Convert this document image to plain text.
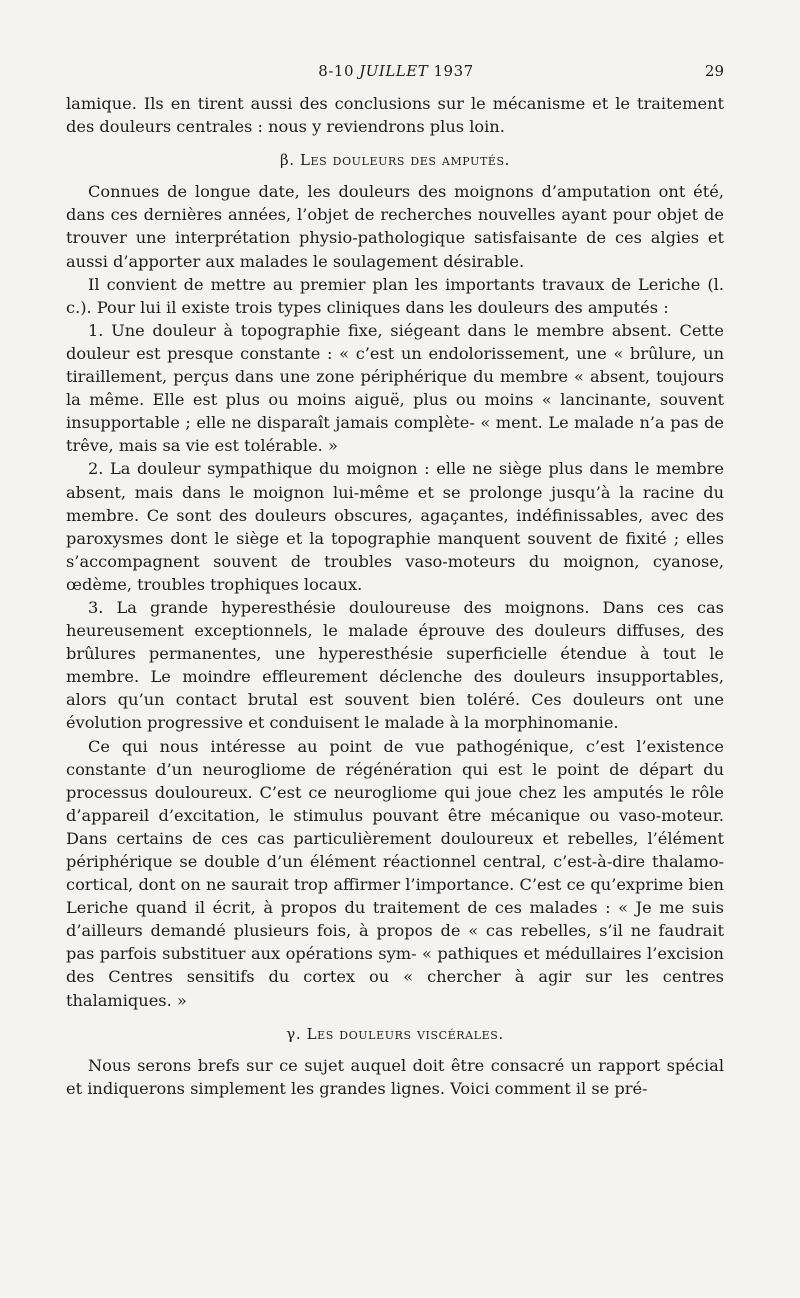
8-10 JUILLET 1937	29

lamique. Ils en tirent aussi des conclusions sur le mécanisme et le traitement des douleurs centrales : nous y reviendrons plus loin.

β. Les douleurs des amputés.

Connues de longue date, les douleurs des moignons d’amputation ont été, dans ces dernières années, l’objet de recherches nouvelles ayant pour objet de trouver une interprétation physio-pathologique satisfaisante de ces algies et aussi d’apporter aux malades le soulagement désirable.

Il convient de mettre au premier plan les importants travaux de Leriche (l. c.). Pour lui il existe trois types cliniques dans les douleurs des amputés :

1. Une douleur à topographie fixe, siégeant dans le membre absent. Cette douleur est presque constante : « c’est un endolorissement, une « brûlure, un tiraillement, perçus dans une zone périphérique du membre « absent, toujours la même. Elle est plus ou moins aiguë, plus ou moins « lancinante, souvent insupportable ; elle ne disparaît jamais complète- « ment. Le malade n’a pas de trêve, mais sa vie est tolérable. »

2. La douleur sympathique du moignon : elle ne siège plus dans le membre absent, mais dans le moignon lui-même et se prolonge jusqu’à la racine du membre. Ce sont des douleurs obscures, agaçantes, indéfinissables, avec des paroxysmes dont le siège et la topographie manquent souvent de fixité ; elles s’accompagnent souvent de troubles vaso-moteurs du moignon, cyanose, œdème, troubles trophiques locaux.

3. La grande hyperesthésie douloureuse des moignons. Dans ces cas heureusement exceptionnels, le malade éprouve des douleurs diffuses, des brûlures permanentes, une hyperesthésie superficielle étendue à tout le membre. Le moindre effleurement déclenche des douleurs insupportables, alors qu’un contact brutal est souvent bien toléré. Ces douleurs ont une évolution progressive et conduisent le malade à la morphinomanie.

Ce qui nous intéresse au point de vue pathogénique, c’est l’existence constante d’un neurogliome de régénération qui est le point de départ du processus douloureux. C’est ce neurogliome qui joue chez les amputés le rôle d’appareil d’excitation, le stimulus pouvant être mécanique ou vaso-moteur. Dans certains de ces cas particulièrement douloureux et rebelles, l’élément périphérique se double d’un élément réactionnel central, c’est-à-dire thalamo-cortical, dont on ne saurait trop affirmer l’importance. C’est ce qu’exprime bien Leriche quand il écrit, à propos du traitement de ces malades : « Je me suis d’ailleurs demandé plusieurs fois, à propos de « cas rebelles, s’il ne faudrait pas parfois substituer aux opérations sym- « pathiques et médullaires l’excision des Centres sensitifs du cortex ou « chercher à agir sur les centres thalamiques. »

γ. Les douleurs viscérales.

Nous serons brefs sur ce sujet auquel doit être consacré un rapport spécial et indiquerons simplement les grandes lignes. Voici comment il se pré-
